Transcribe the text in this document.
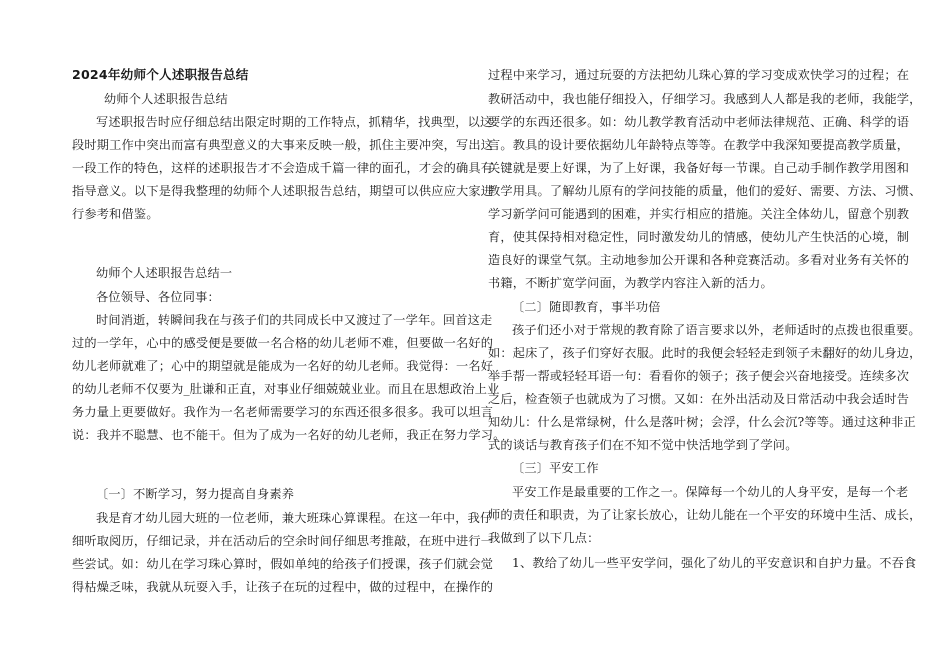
2024年幼师个人述职报告总结
幼师个人述职报告总结
写述职报告时应仔细总结出限定时期的工作特点，抓精华，找典型，以这
段时期工作中突出而富有典型意义的大事来反映一般，抓住主要冲突，写出这
一段工作的特色，这样的述职报告才不会造成千篇一律的面孔，才会的确具有
指导意义。以下是得我整理的幼师个人述职报告总结，期望可以供应应大家进
行参考和借鉴。
幼师个人述职报告总结一
各位领导、各位同事：
时间消逝，转瞬间我在与孩子们的共同成长中又渡过了一学年。回首这走
过的一学年，心中的感受便是要做一名合格的幼儿老师不难，但要做一名好的
幼儿老师就难了；心中的期望就是能成为一名好的幼儿老师。我觉得：一名好
的幼儿老师不仅要为_肚谦和正直，对事业仔细兢兢业业。而且在思想政治上业
务力量上更要做好。我作为一名老师需要学习的东西还很多很多。我可以坦言
说：我并不聪慧、也不能干。但为了成为一名好的幼儿老师，我正在努力学习。
〔一〕不断学习，努力提高自身素养
我是育才幼儿园大班的一位老师，兼大班珠心算课程。在这一年中，我仔
细听取阅历，仔细记录，并在活动后的空余时间仔细思考推敲，在班中进行一
些尝试。如：幼儿在学习珠心算时，假如单纯的给孩子们授课，孩子们就会觉
得枯燥乏味，我就从玩耍入手，让孩子在玩的过程中，做的过程中，在操作的
过程中来学习，通过玩耍的方法把幼儿珠心算的学习变成欢快学习的过程；在
教研活动中，我也能仔细投入，仔细学习。我感到人人都是我的老师，我能学，
要学的东西还很多。如：幼儿教学教育活动中老师法律规范、正确、科学的语
言。教具的设计要依据幼儿年龄特点等等。在教学中我深知要提高教学质量，
关键就是要上好课，为了上好课，我备好每一节课。自己动手制作教学用图和
教学用具。了解幼儿原有的学问技能的质量，他们的爱好、需要、方法、习惯、
学习新学问可能遇到的困难，并实行相应的措施。关注全体幼儿，留意个别教
育，使其保持相对稳定性，同时激发幼儿的情感，使幼儿产生快活的心境，制
造良好的课堂气氛。主动地参加公开课和各种竞赛活动。多看对业务有关怀的
书籍，不断扩宽学问面，为教学内容注入新的活力。
〔二〕随即教育，事半功倍
孩子们还小对于常规的教育除了语言要求以外，老师适时的点拨也很重要。
如：起床了，孩子们穿好衣服。此时的我便会轻轻走到领子未翻好的幼儿身边，
举手帮一帮或轻轻耳语一句：看看你的领子；孩子便会兴奋地接受。连续多次
之后，检查领子也就成为了习惯。又如：在外出活动及日常活动中我会适时告
知幼儿：什么是常绿树，什么是落叶树；会浮，什么会沉?等等。通过这种非正
式的谈话与教育孩子们在不知不觉中快活地学到了学问。
〔三〕平安工作
平安工作是最重要的工作之一。保障每一个幼儿的人身平安，是每一个老
师的责任和职责，为了让家长放心，让幼儿能在一个平安的环境中生活、成长，
我做到了以下几点：
1、教给了幼儿一些平安学问，强化了幼儿的平安意识和自护力量。不吞食
